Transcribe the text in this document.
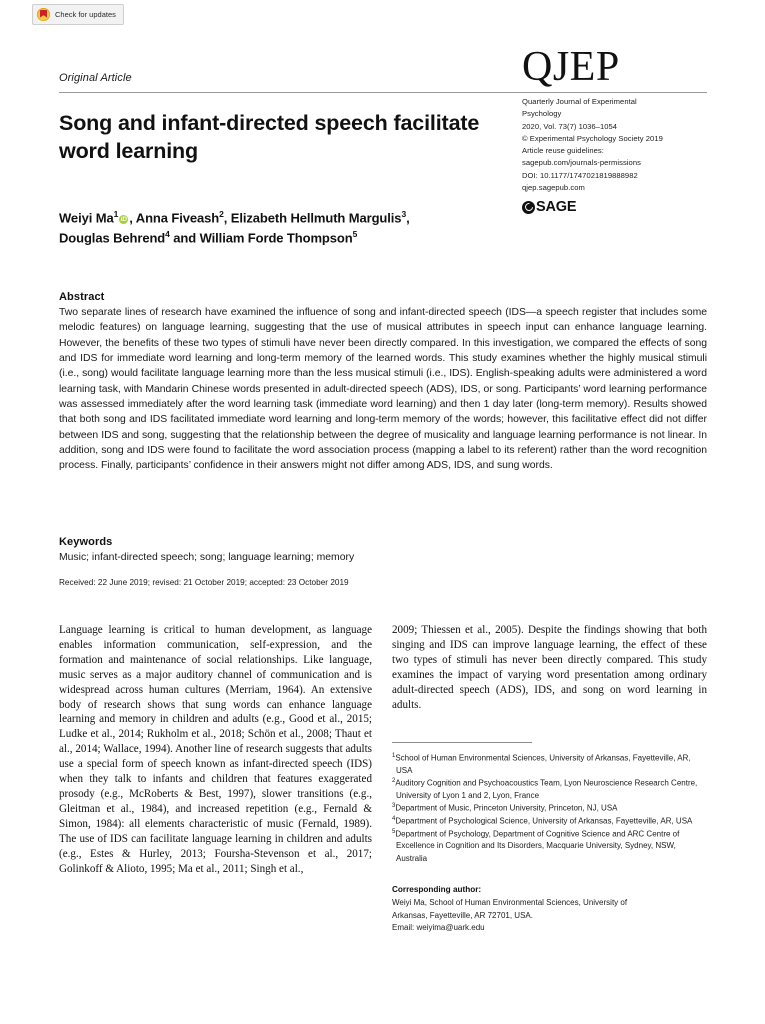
Check for updates
Original Article	QJEP
Quarterly Journal of Experimental
Psychology
2020, Vol. 73(7) 1036–1054
© Experimental Psychology Society 2019
Article reuse guidelines:
sagepub.com/journals-permissions
DOI: 10.1177/1747021819888982
qjep.sagepub.com
SAGE
Song and infant-directed speech facilitate word learning
Weiyi Ma$^1$iD , Anna Fiveash$^2$, Elizabeth Hellmuth Margulis$^3$,
Douglas Behrend$^4$ and William Forde Thompson$^5$
Abstract

Two separate lines of research have examined the influence of song and infant-directed speech (IDS—a speech register that includes some melodic features) on language learning, suggesting that the use of musical attributes in speech input can enhance language learning. However, the benefits of these two types of stimuli have never been directly compared. In this investigation, we compared the effects of song and IDS for immediate word learning and long-term memory of the learned words. This study examines whether the highly musical stimuli (i.e., song) would facilitate language learning more than the less musical stimuli (i.e., IDS). English-speaking adults were administered a word learning task, with Mandarin Chinese words presented in adult-directed speech (ADS), IDS, or song. Participants’ word learning performance was assessed immediately after the word learning task (immediate word learning) and then 1 day later (long-term memory). Results showed that both song and IDS facilitated immediate word learning and long-term memory of the words; however, this facilitative effect did not differ between IDS and song, suggesting that the relationship between the degree of musicality and language learning performance is not linear. In addition, song and IDS were found to facilitate the word association process (mapping a label to its referent) rather than the word recognition process. Finally, participants’ confidence in their answers might not differ among ADS, IDS, and sung words.

Keywords

Music; infant-directed speech; song; language learning; memory

Received: 22 June 2019; revised: 21 October 2019; accepted: 23 October 2019

Language learning is critical to human development, as language enables information communication, self-expression, and the formation and maintenance of social relationships. Like language, music serves as a major auditory channel of communication and is widespread across human cultures (Merriam, 1964). An extensive body of research shows that sung words can enhance language learning and memory in children and adults (e.g., Good et al., 2015; Ludke et al., 2014; Rukholm et al., 2018; Schön et al., 2008; Thaut et al., 2014; Wallace, 1994). Another line of research suggests that adults use a special form of speech known as infant-directed speech (IDS) when they talk to infants and children that features exaggerated prosody (e.g., McRoberts & Best, 1997), slower transitions (e.g., Gleitman et al., 1984), and increased repetition (e.g., Fernald & Simon, 1984): all elements characteristic of music (Fernald, 1989). The use of IDS can facilitate language learning in children and adults (e.g., Estes & Hurley, 2013; Foursha-Stevenson et al., 2017; Golinkoff & Alioto, 1995; Ma et al., 2011; Singh et al.,

2009; Thiessen et al., 2005). Despite the findings showing that both singing and IDS can improve language learning, the effect of these two types of stimuli has never been directly compared. This study examines the impact of varying word presentation among ordinary adult-directed speech (ADS), IDS, and song on word learning in adults.

$^1$School of Human Environmental Sciences, University of Arkansas, Fayetteville, AR, USA

$^2$Auditory Cognition and Psychoacoustics Team, Lyon Neuroscience Research Centre, University of Lyon 1 and 2, Lyon, France

$^3$Department of Music, Princeton University, Princeton, NJ, USA

$^4$Department of Psychological Science, University of Arkansas, Fayetteville, AR, USA

$^5$Department of Psychology, Department of Cognitive Science and ARC Centre of Excellence in Cognition and Its Disorders, Macquarie University, Sydney, NSW, Australia

Corresponding author:

Weiyi Ma, School of Human Environmental Sciences, University of

Arkansas, Fayetteville, AR 72701, USA.

Email: weiyima@uark.edu
